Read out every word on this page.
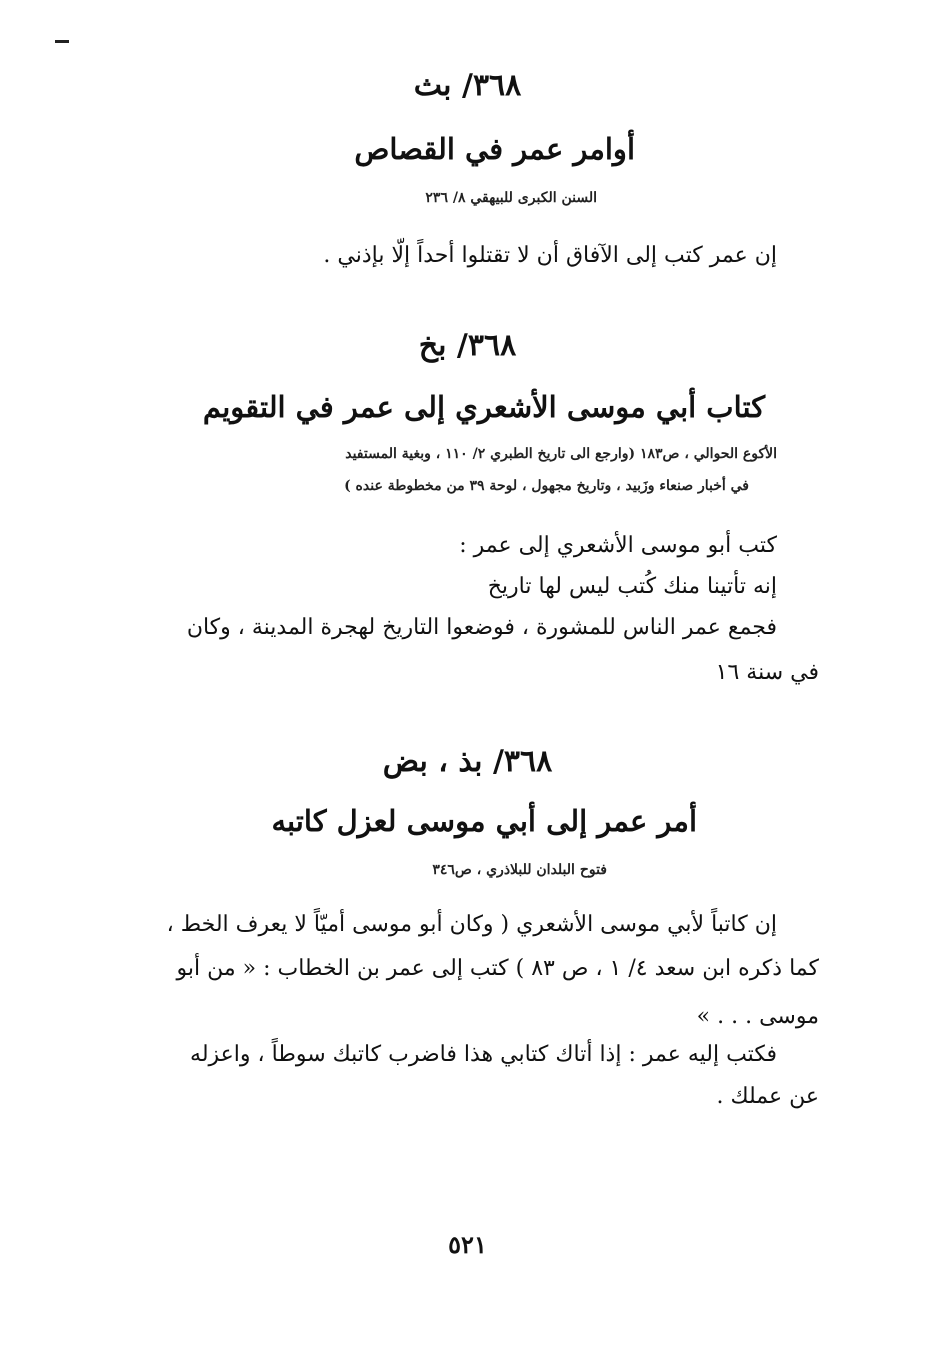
٣٦٨/ بث
أوامر عمر في القصاص
السنن الكبرى للبيهقي ٨/ ٢٣٦
إن عمر كتب إلى الآفاق أن لا تقتلوا أحداً إلّا بإذني .
٣٦٨/ بخ
كتاب أبي موسى الأشعري إلى عمر في التقويم
الأكوع الحوالي ، ص١٨٣ (وارجع الى تاريخ الطبري ٢/ ١١٠ ، وبغية المستفيد
في أخبار صنعاء وزَبيد ، وتاريخ مجهول ، لوحة ٣٩ من مخطوطة عنده )
كتب أبو موسى الأشعري إلى عمر :
إنه تأتينا منك كُتب ليس لها تاريخ
فجمع عمر الناس للمشورة ، فوضعوا التاريخ لهجرة المدينة ، وكان
في سنة ١٦
٣٦٨/ بذ ، بض
أمر عمر إلى أبي موسى لعزل كاتبه
فتوح البلدان للبلاذري ، ص٣٤٦
إن كاتباً لأبي موسى الأشعري ( وكان أبو موسى أميّاً لا يعرف الخط ،
كما ذكره ابن سعد ٤/ ١ ، ص ٨٣ ) كتب إلى عمر بن الخطاب : « من أبو
موسى . . . »
فكتب إليه عمر : إذا أتاك كتابي هذا فاضرب كاتبك سوطاً ، واعزله
عن عملك .
٥٢١
